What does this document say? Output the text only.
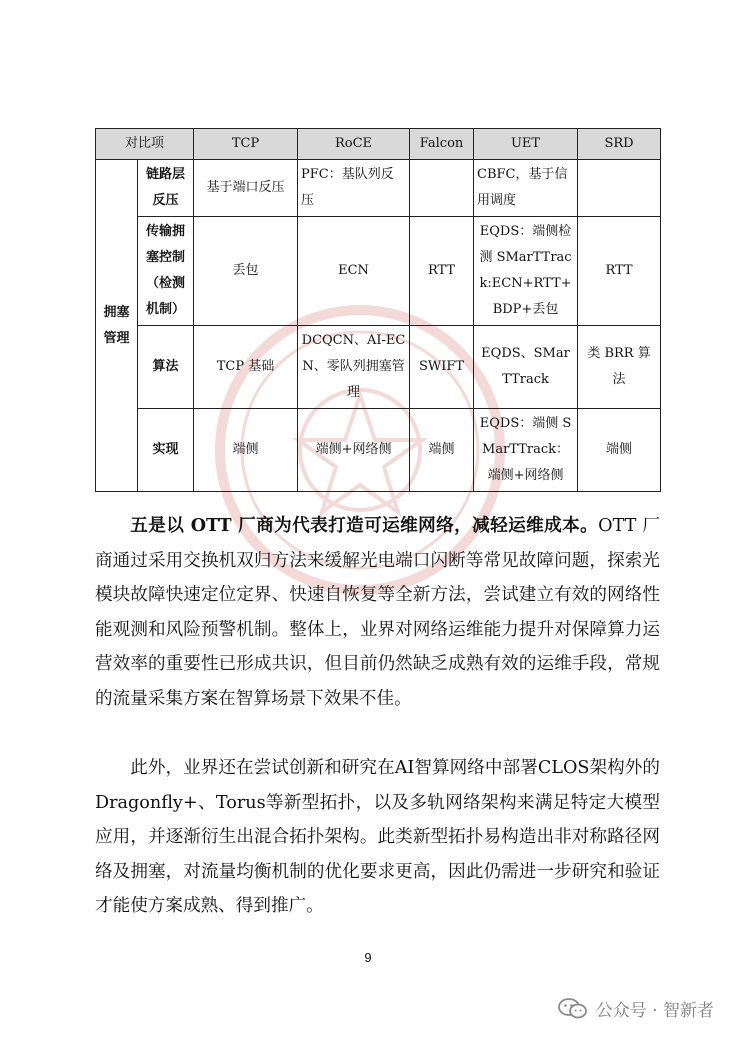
对比项		TCP	RoCE	Falcon	UET	SRD
拥塞管理	链路层反压	基于端口反压	PFC：基队列反压		CBFC，基于信用调度	
	传输拥塞控制（检测机制）	丢包	ECN	RTT	EQDS：端侧检测 SMarTTrack:ECN+RTT+BDP+丢包	RTT
	算法	TCP 基础	DCQCN、AI-ECN、零队列拥塞管理	SWIFT	EQDS、SMarTTrack	类 BRR 算法
	实现	端侧	端侧+网络侧	端侧	EQDS：端侧 SMarTTrack：端侧+网络侧	端侧

五是以 OTT 厂商为代表打造可运维网络，减轻运维成本。OTT 厂商通过采用交换机双归方法来缓解光电端口闪断等常见故障问题，探索光模块故障快速定位定界、快速自恢复等全新方法，尝试建立有效的网络性能观测和风险预警机制。整体上，业界对网络运维能力提升对保障算力运营效率的重要性已形成共识，但目前仍然缺乏成熟有效的运维手段，常规的流量采集方案在智算场景下效果不佳。

此外，业界还在尝试创新和研究在AI智算网络中部署CLOS架构外的Dragonfly+、Torus等新型拓扑，以及多轨网络架构来满足特定大模型应用，并逐渐衍生出混合拓扑架构。此类新型拓扑易构造出非对称路径网络及拥塞，对流量均衡机制的优化要求更高，因此仍需进一步研究和验证才能使方案成熟、得到推广。

9
公众号 · 智新者
